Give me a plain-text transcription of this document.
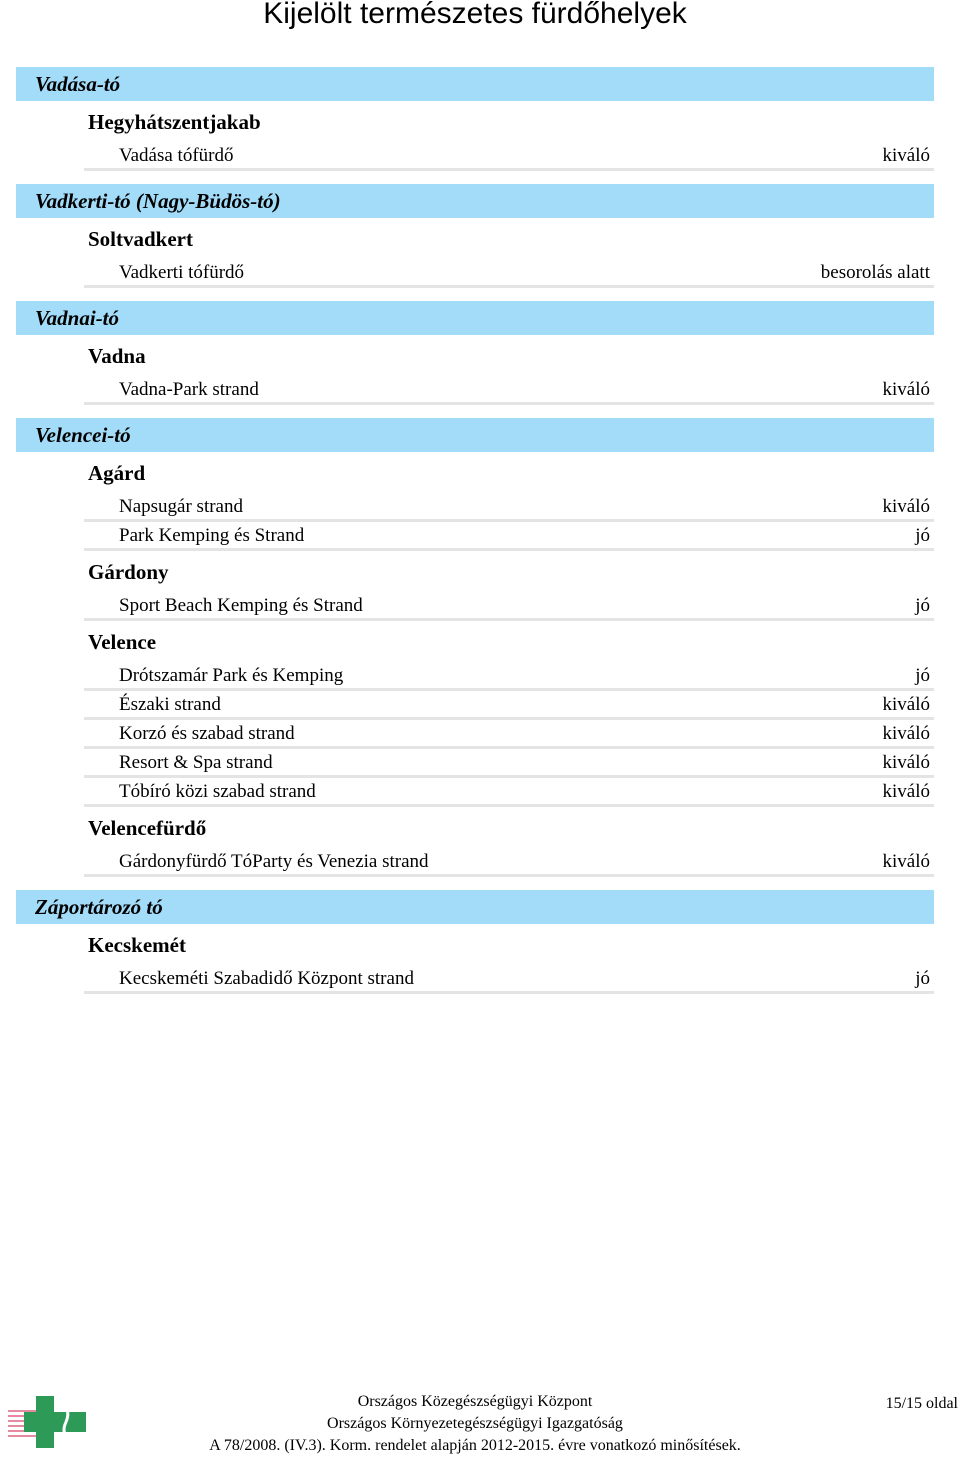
Kijelölt természetes fürdőhelyek
Vadása-tó
Hegyhátszentjakab
Vadása tófürdő	kiváló
Vadkerti-tó (Nagy-Büdös-tó)
Soltvadkert
Vadkerti tófürdő	besorolás alatt
Vadnai-tó
Vadna
Vadna-Park strand	kiváló
Velencei-tó
Agárd
Napsugár strand	kiváló
Park Kemping és Strand	jó
Gárdony
Sport Beach Kemping és Strand	jó
Velence
Drótszamár Park és Kemping	jó
Északi strand	kiváló
Korzó és szabad strand	kiváló
Resort & Spa strand	kiváló
Tóbíró közi szabad strand	kiváló
Velencefürdő
Gárdonyfürdő TóParty és Venezia strand	kiváló
Záportározó tó
Kecskemét
Kecskeméti Szabadidő Központ strand	jó
Országos Közegészségügyi Központ
Országos Környezetegészségügyi Igazgatóság
A 78/2008. (IV.3). Korm. rendelet alapján 2012-2015. évre vonatkozó minősítések.
15/15 oldal
